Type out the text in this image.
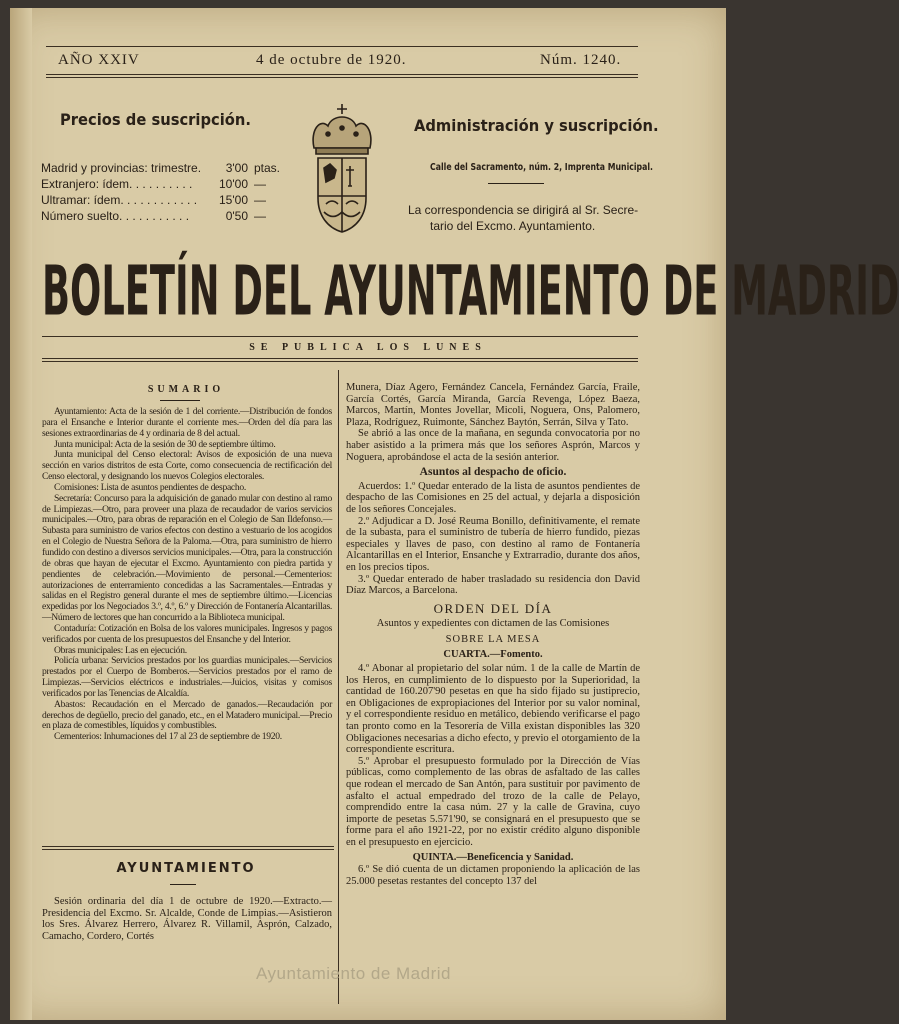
AÑO XXIV	4 de octubre de 1920.	Núm. 1240.
Precios de suscripción.
Madrid y provincias: trimestre.	3'00 ptas.
Extranjero: ídem. . . . . . . . . .	10'00 —
Ultramar: ídem. . . . . . . . . . . .	15'00 —
Número suelto. . . . . . . . . . .	0'50 —
Administración y suscripción.
Calle del Sacramento, núm. 2, Imprenta Municipal.
La correspondencia se dirigirá al Sr. Secre-
tario del Excmo. Ayuntamiento.
BOLETÍN DEL AYUNTAMIENTO DE MADRID
SE PUBLICA LOS LUNES
SUMARIO

Ayuntamiento: Acta de la sesión de 1 del corriente.—Distribución de fondos para el Ensanche e Interior durante el corriente mes.—Orden del día para las sesiones extraordinarias de 4 y ordinaria de 8 del actual.

Junta municipal: Acta de la sesión de 30 de septiembre último.

Junta municipal del Censo electoral: Avisos de exposición de una nueva sección en varios distritos de esta Corte, como consecuencia de rectificación del Censo electoral, y designando los nuevos Colegios electorales.

Comisiones: Lista de asuntos pendientes de despacho.

Secretaría: Concurso para la adquisición de ganado mular con destino al ramo de Limpiezas.—Otro, para proveer una plaza de recaudador de varios servicios municipales.—Otro, para obras de reparación en el Colegio de San Ildefonso.—Subasta para suministro de varios efectos con destino a vestuario de los acogidos en el Colegio de Nuestra Señora de la Paloma.—Otra, para suministro de hierro fundido con destino a diversos servicios municipales.—Otra, para la construcción de obras que hayan de ejecutar el Excmo. Ayuntamiento con piedra partida y pendientes de celebración.—Movimiento de personal.—Cementerios: autorizaciones de enterramiento concedidas a las Sacramentales.—Entradas y salidas en el Registro general durante el mes de septiembre último.—Licencias expedidas por los Negociados 3.º, 4.º, 6.º y Dirección de Fontanería Alcantarillas.—Número de lectores que han concurrido a la Biblioteca municipal.

Contaduría: Cotización en Bolsa de los valores municipales. Ingresos y pagos verificados por cuenta de los presupuestos del Ensanche y del Interior.

Obras municipales: Las en ejecución.

Policía urbana: Servicios prestados por los guardias municipales.—Servicios prestados por el Cuerpo de Bomberos.—Servicios prestados por el ramo de Limpiezas.—Servicios eléctricos e industriales.—Juicios, visitas y comisos verificados por las Tenencias de Alcaldía.

Abastos: Recaudación en el Mercado de ganados.—Recaudación por derechos de degüello, precio del ganado, etc., en el Matadero municipal.—Precio en plaza de comestibles, líquidos y combustibles.

Cementerios: Inhumaciones del 17 al 23 de septiembre de 1920.

AYUNTAMIENTO

Sesión ordinaria del día 1 de octubre de 1920.—Extracto.—Presidencia del Excmo. Sr. Alcalde, Conde de Limpias.—Asistieron los Sres. Álvarez Herrero, Álvarez R. Villamil, Asprón, Calzado, Camacho, Cordero, Cortés

Munera, Díaz Agero, Fernández Cancela, Fernández García, Fraile, García Cortés, García Miranda, García Revenga, López Baeza, Marcos, Martín, Montes Jovellar, Micoli, Noguera, Ons, Palomero, Plaza, Rodríguez, Ruimonte, Sánchez Baytón, Serrán, Silva y Tato.

Se abrió a las once de la mañana, en segunda convocatoria por no haber asistido a la primera más que los señores Asprón, Marcos y Noguera, aprobándose el acta de la sesión anterior.

Asuntos al despacho de oficio.

Acuerdos: 1.º Quedar enterado de la lista de asuntos pendientes de despacho de las Comisiones en 25 del actual, y dejarla a disposición de los señores Concejales.

2.º Adjudicar a D. José Reuma Bonillo, definitivamente, el remate de la subasta, para el suministro de tubería de hierro fundido, piezas especiales y llaves de paso, con destino al ramo de Fontanería Alcantarillas en el Interior, Ensanche y Extrarradio, durante dos años, en los precios tipos.

3.º Quedar enterado de haber trasladado su residencia don David Díaz Marcos, a Barcelona.

ORDEN DEL DÍA
Asuntos y expedientes con dictamen de las Comisiones
SOBRE LA MESA
CUARTA.—Fomento.

4.º Abonar al propietario del solar núm. 1 de la calle de Martín de los Heros, en cumplimiento de lo dispuesto por la Superioridad, la cantidad de 160.207'90 pesetas en que ha sido fijado su justiprecio, en Obligaciones de expropiaciones del Interior por su valor nominal, y el correspondiente residuo en metálico, debiendo verificarse el pago tan pronto como en la Tesorería de Villa existan disponibles las 320 Obligaciones necesarias a dicho efecto, y previo el otorgamiento de la correspondiente escritura.

5.º Aprobar el presupuesto formulado por la Dirección de Vías públicas, como complemento de las obras de asfaltado de las calles que rodean el mercado de San Antón, para sustituir por pavimento de asfalto el actual empedrado del trozo de la calle de Pelayo, comprendido entre la casa núm. 27 y la calle de Gravina, cuyo importe de pesetas 5.571'90, se consignará en el presupuesto que se forme para el año 1921-22, por no existir crédito alguno disponible en el presupuesto en ejercicio.

QUINTA.—Beneficencia y Sanidad.

6.º Se dió cuenta de un dictamen proponiendo la aplicación de las 25.000 pesetas restantes del concepto 137 del

Ayuntamiento de Madrid
